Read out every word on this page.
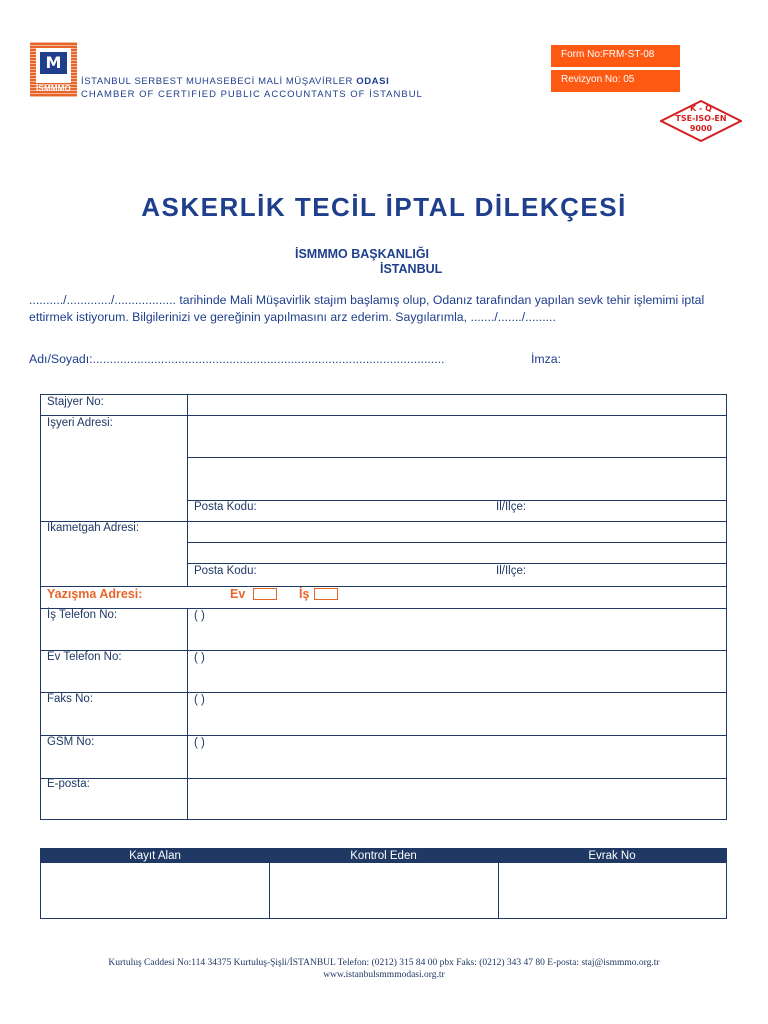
M
İSMMMO
İSTANBUL SERBEST MUHASEBECİ MALİ MÜŞAVİRLER ODASI
CHAMBER OF CERTIFIED PUBLIC ACCOUNTANTS OF İSTANBUL
Form No:FRM-ST-08
Revizyon No: 05
K - Q
TSE-ISO-EN
9000
ASKERLİK TECİL İPTAL DİLEKÇESİ
İSMMMO BAŞKANLIĞI
İSTANBUL
........../............./.................. tarihinde Mali Müşavirlik stajım başlamış olup, Odanız tarafından yapılan sevk tehir işlemimi iptal ettirmek istiyorum. Bilgilerinizi ve gereğinin yapılmasını arz ederim. Saygılarımla, ......./......./.........
Adı/Soyadı:.......................................................................................................	İmza:
Stajyer No:
Işyeri Adresi:
Posta Kodu:	Il/Ilçe:
Ikametgah Adresi:
Posta Kodu:	Il/Ilçe:
Yazışma Adresi:	Ev	İş
İş Telefon No:	( )
Ev Telefon No:	( )
Faks No:	( )
GSM No:	( )
E-posta:
Kayıt Alan	Kontrol Eden	Evrak No
Kurtuluş Caddesi No:114 34375 Kurtuluş-Şişli/İSTANBUL Telefon: (0212) 315 84 00 pbx Faks: (0212) 343 47 80 E-posta: staj@ismmmo.org.tr
www.istanbulsmmmodasi.org.tr
